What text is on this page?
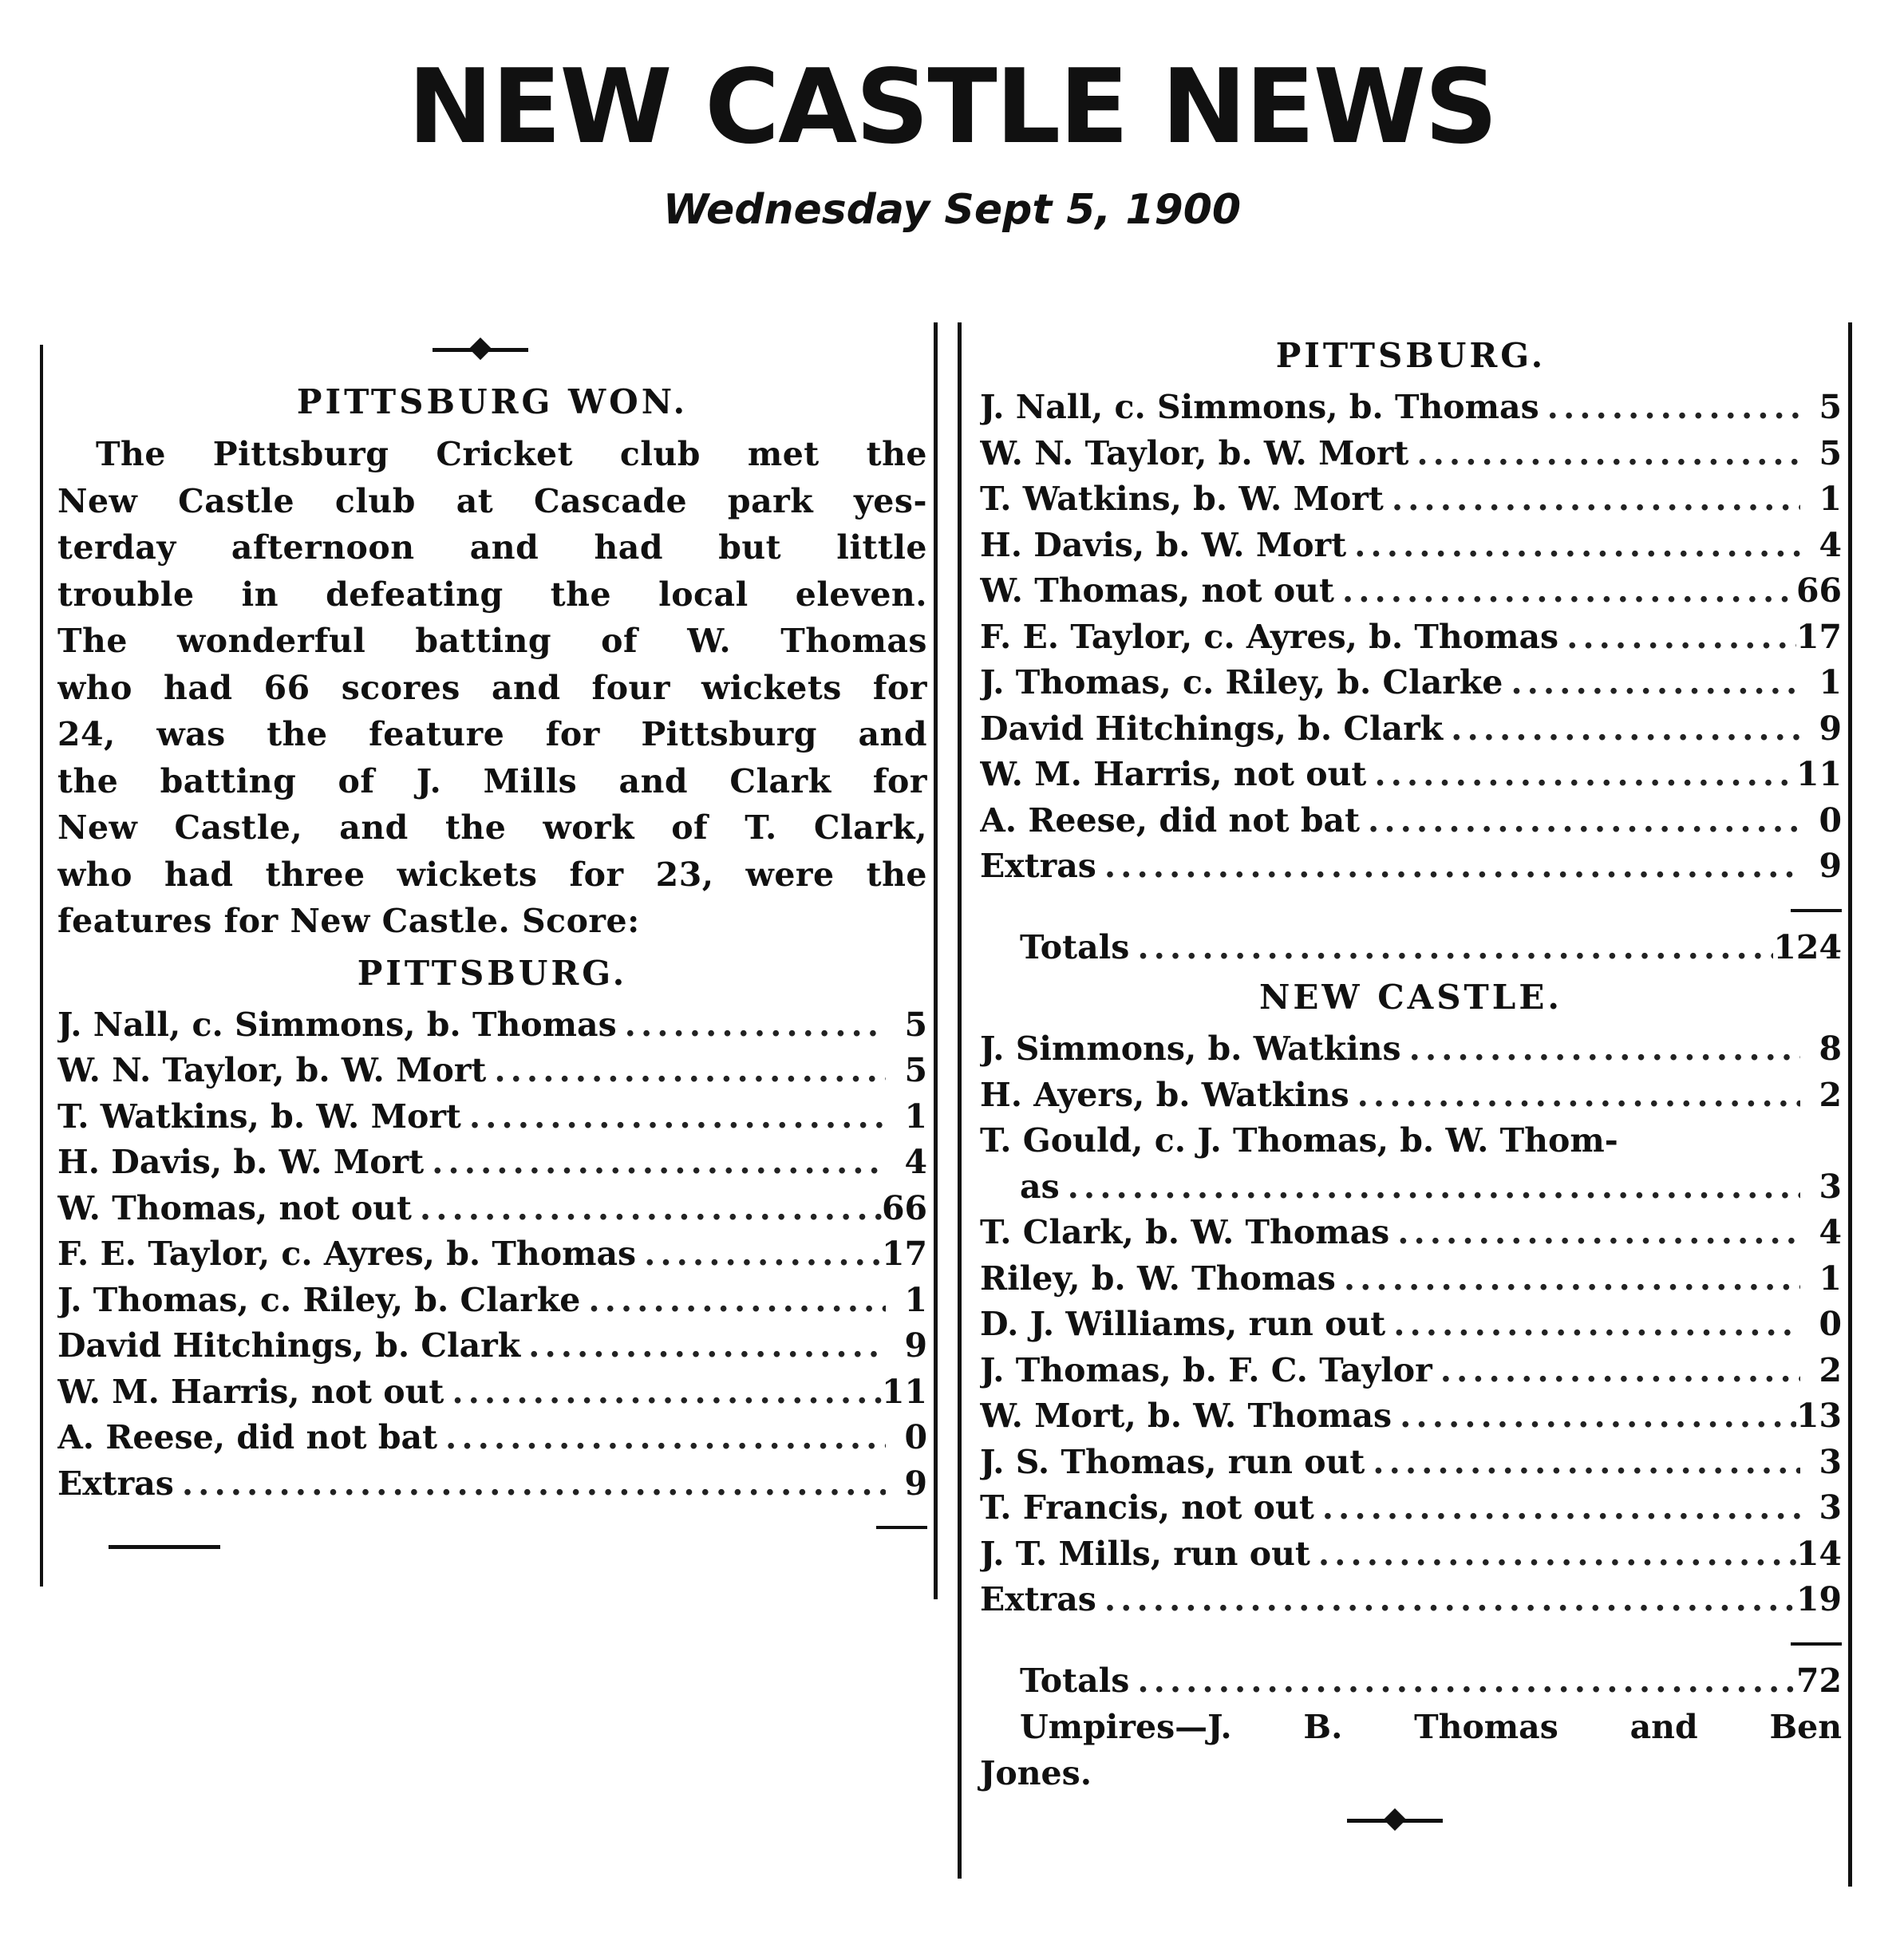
NEW CASTLE NEWS
Wednesday Sept 5, 1900
PITTSBURG WON.
The Pittsburg Cricket club met the
New Castle club at Cascade park yes-
terday afternoon and had but little
trouble in defeating the local eleven.
The wonderful batting of W. Thomas
who had 66 scores and four wickets for
24, was the feature for Pittsburg and
the batting of J. Mills and Clark for
New Castle, and the work of T. Clark,
who had three wickets for 23, were the
features for New Castle. Score:
PITTSBURG.
J. Nall, c. Simmons, b. Thomas .....	5
W. N. Taylor, b. W. Mort .....	5
T. Watkins, b. W. Mort .....	1
H. Davis, b. W. Mort .....	4
W. Thomas, not out .....	66
F. E. Taylor, c. Ayres, b. Thomas .....	17
J. Thomas, c. Riley, b. Clarke .....	1
David Hitchings, b. Clark .....	9
W. M. Harris, not out .....	11
A. Reese, did not bat .....	0
Extras .....	9
PITTSBURG.
J. Nall, c. Simmons, b. Thomas .....	5
W. N. Taylor, b. W. Mort .....	5
T. Watkins, b. W. Mort .....	1
H. Davis, b. W. Mort .....	4
W. Thomas, not out .....	66
F. E. Taylor, c. Ayres, b. Thomas .....	17
J. Thomas, c. Riley, b. Clarke .....	1
David Hitchings, b. Clark .....	9
W. M. Harris, not out .....	11
A. Reese, did not bat .....	0
Extras .....	9
Totals .....	124
NEW CASTLE.
J. Simmons, b. Watkins .....	8
H. Ayers, b. Watkins .....	2
T. Gould, c. J. Thomas, b. W. Thom-
as .....	3
T. Clark, b. W. Thomas .....	4
Riley, b. W. Thomas .....	1
D. J. Williams, run out .....	0
J. Thomas, b. F. C. Taylor .....	2
W. Mort, b. W. Thomas .....	13
J. S. Thomas, run out .....	3
T. Francis, not out .....	3
J. T. Mills, run out .....	14
Extras .....	19
Totals .....	72
Umpires—J. B. Thomas and Ben
Jones.
